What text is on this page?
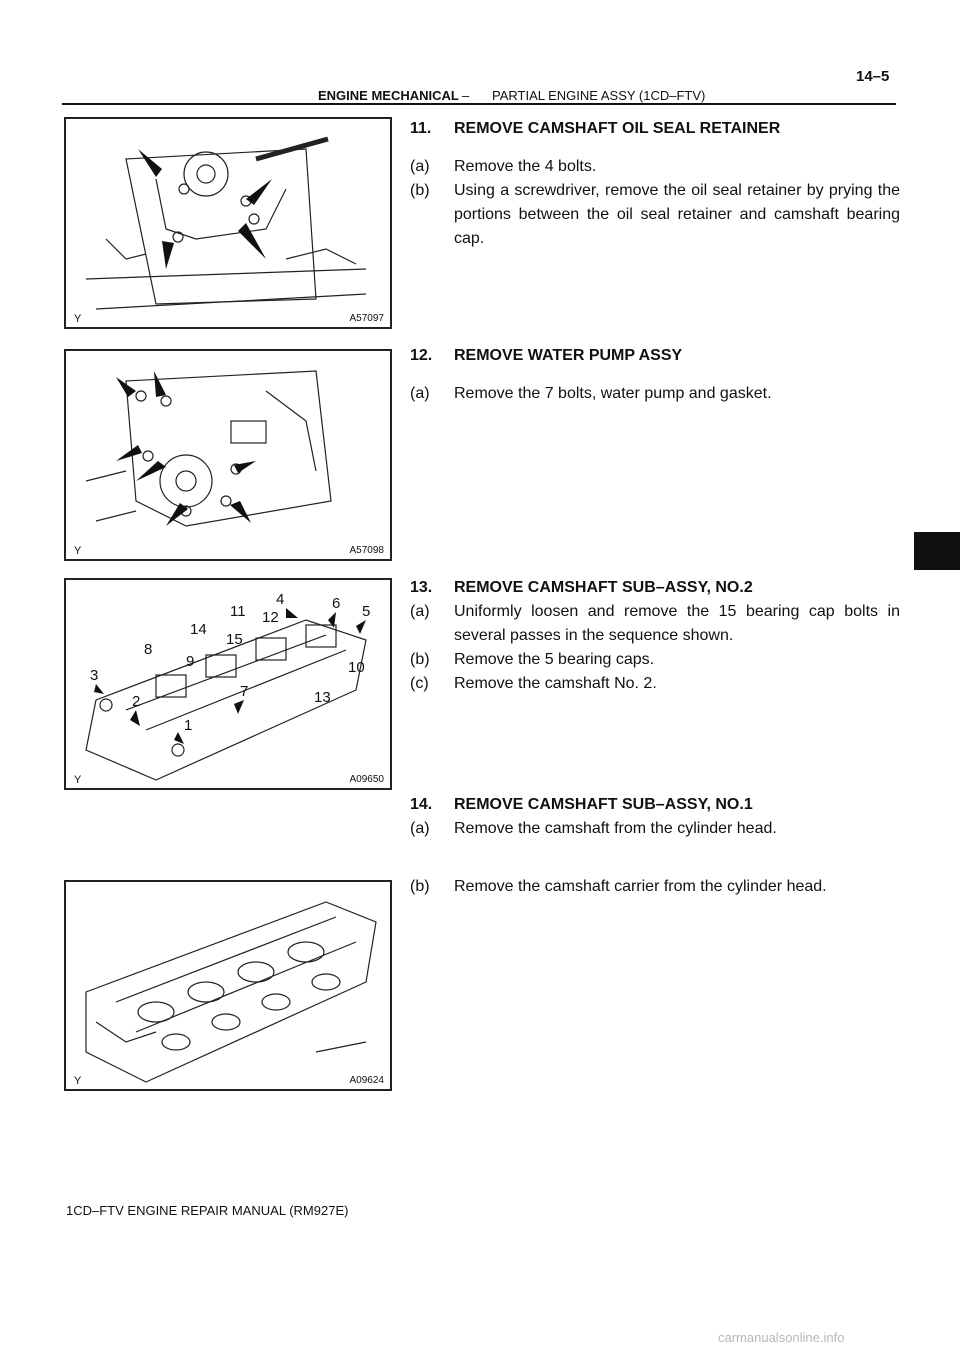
14–5
ENGINE MECHANICAL – PARTIAL ENGINE ASSY (1CD–FTV)
Y	A57097
Y	A57098
1
2
3
4
5
6
7
8
9	10
11 12
13
14
15
Y	A09650
Y	A09624
11.	REMOVE CAMSHAFT OIL SEAL RETAINER
(a)	Remove the 4 bolts.
(b)	Using a screwdriver, remove the oil seal retainer by prying the portions between the oil seal retainer and camshaft bearing cap.
12.	REMOVE WATER PUMP ASSY
(a)	Remove the 7 bolts, water pump and gasket.
13.	REMOVE CAMSHAFT SUB–ASSY, NO.2
(a)	Uniformly loosen and remove the 15 bearing cap bolts in several passes in the sequence shown.
(b)	Remove the 5 bearing caps.
(c)	Remove the camshaft No. 2.
14.	REMOVE CAMSHAFT SUB–ASSY, NO.1
(a)	Remove the camshaft from the cylinder head.
(b)	Remove the camshaft carrier from the cylinder head.
1CD–FTV ENGINE REPAIR MANUAL (RM927E)
carmanualsonline.info
